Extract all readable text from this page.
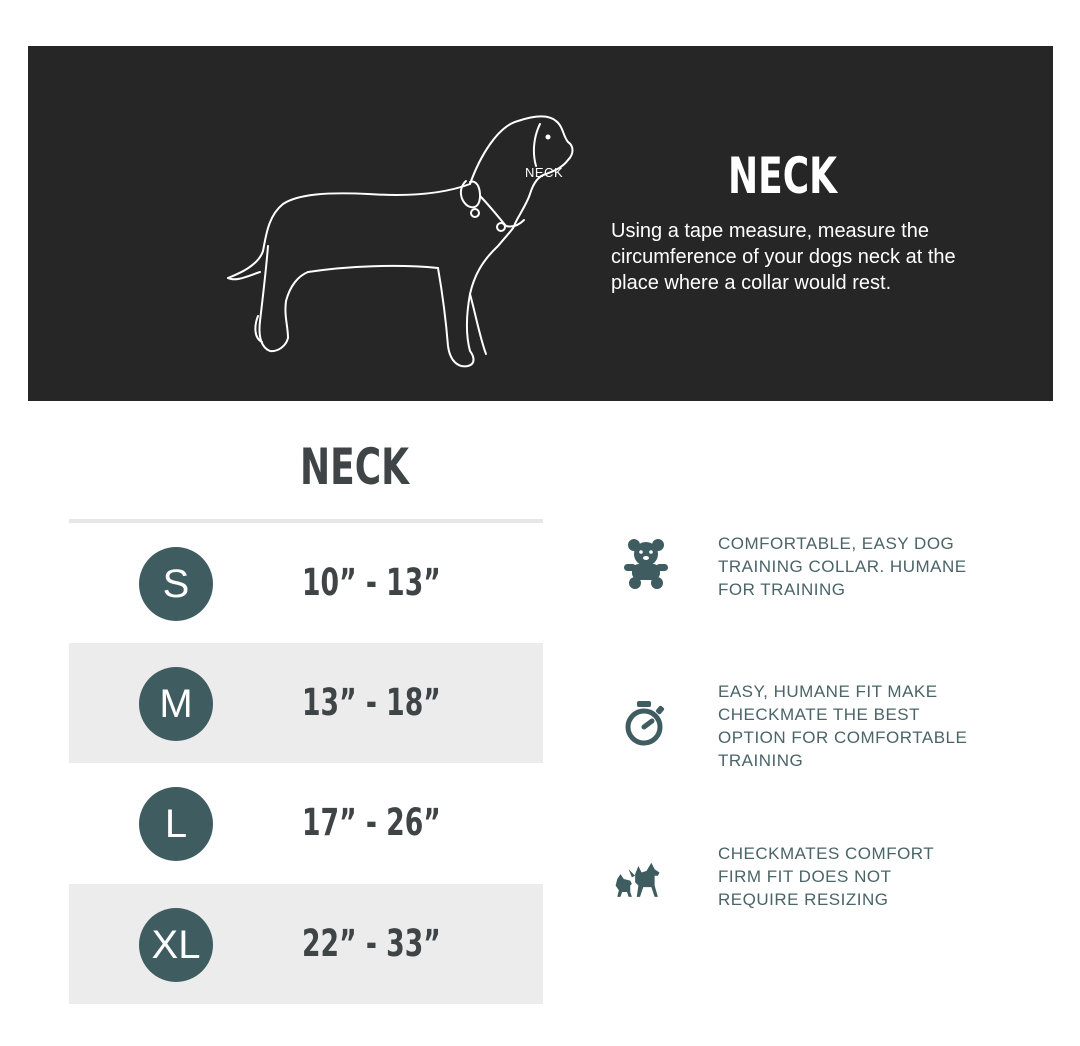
NECK	NECK

Using a tape measure, measure the circumference of your dogs neck at the place where a collar would rest.

NECK
S	10” - 13”

M	13” - 18”

L	17” - 26”

XL	22” - 33”

COMFORTABLE, EASY DOG TRAINING COLLAR. HUMANE FOR TRAINING

EASY, HUMANE FIT MAKE CHECKMATE THE BEST OPTION FOR COMFORTABLE TRAINING

CHECKMATES COMFORT FIRM FIT DOES NOT REQUIRE RESIZING
